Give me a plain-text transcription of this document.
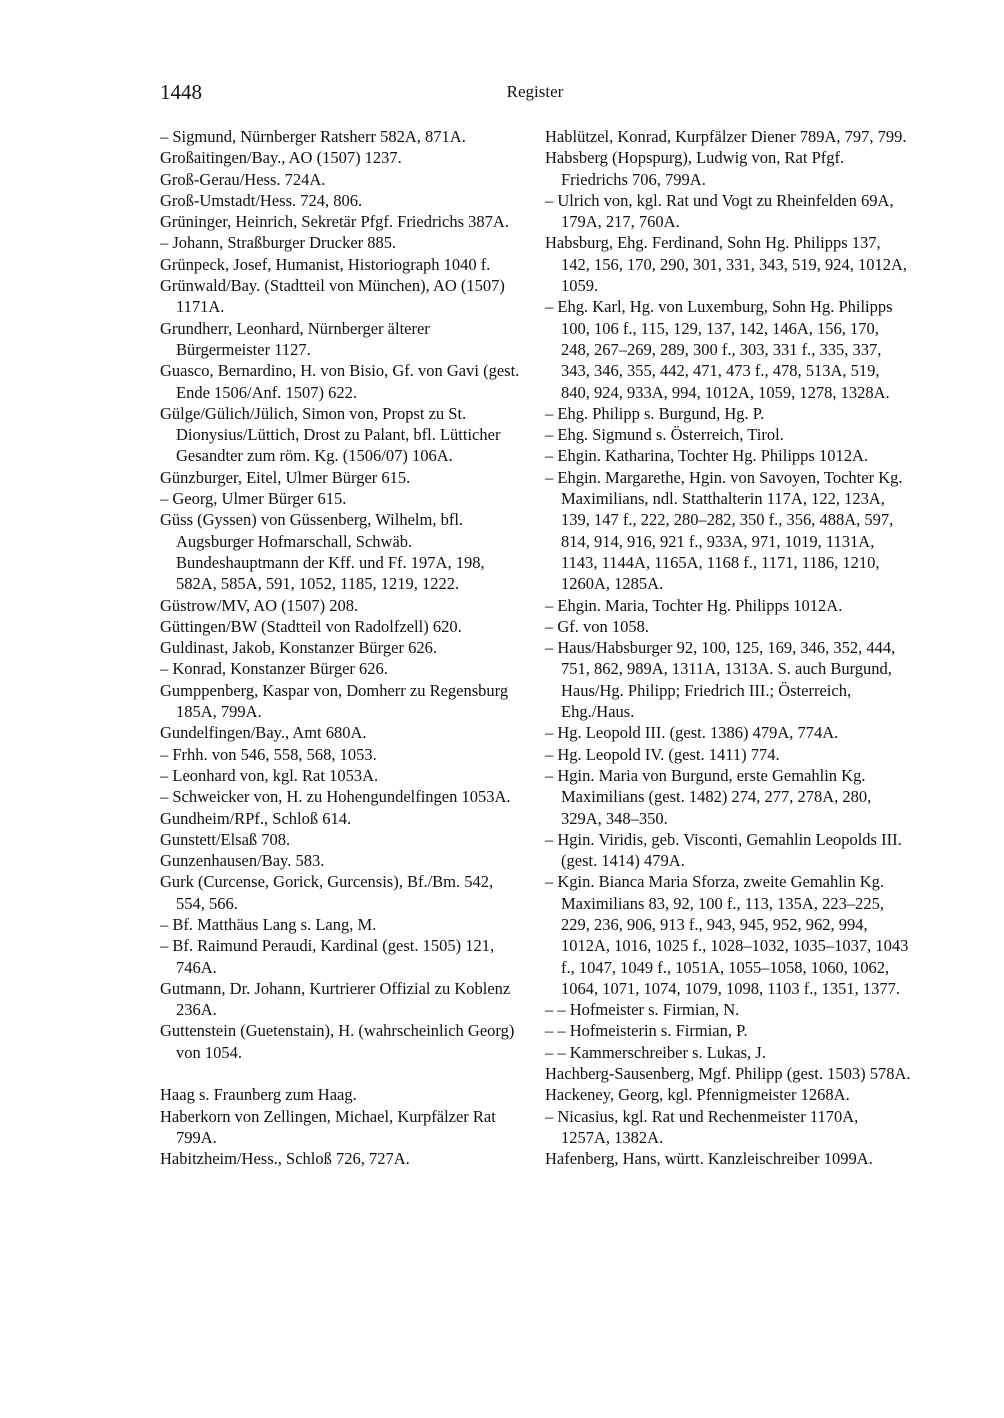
1448	Register
– Sigmund, Nürnberger Ratsherr 582A, 871A.
Großaitingen/Bay., AO (1507) 1237.
Groß-Gerau/Hess. 724A.
Groß-Umstadt/Hess. 724, 806.
Grüninger, Heinrich, Sekretär Pfgf. Friedrichs 387A.
– Johann, Straßburger Drucker 885.
Grünpeck, Josef, Humanist, Historiograph 1040 f.
Grünwald/Bay. (Stadtteil von München), AO (1507) 1171A.
Grundherr, Leonhard, Nürnberger älterer Bürgermeister 1127.
Guasco, Bernardino, H. von Bisio, Gf. von Gavi (gest. Ende 1506/Anf. 1507) 622.
Gülge/Gülich/Jülich, Simon von, Propst zu St. Dionysius/Lüttich, Drost zu Palant, bfl. Lütticher Gesandter zum röm. Kg. (1506/07) 106A.
Günzburger, Eitel, Ulmer Bürger 615.
– Georg, Ulmer Bürger 615.
Güss (Gyssen) von Güssenberg, Wilhelm, bfl. Augsburger Hofmarschall, Schwäb. Bundeshauptmann der Kff. und Ff. 197A, 198, 582A, 585A, 591, 1052, 1185, 1219, 1222.
Güstrow/MV, AO (1507) 208.
Güttingen/BW (Stadtteil von Radolfzell) 620.
Guldinast, Jakob, Konstanzer Bürger 626.
– Konrad, Konstanzer Bürger 626.
Gumppenberg, Kaspar von, Domherr zu Regensburg 185A, 799A.
Gundelfingen/Bay., Amt 680A.
– Frhh. von 546, 558, 568, 1053.
– Leonhard von, kgl. Rat 1053A.
– Schweicker von, H. zu Hohengundelfingen 1053A.
Gundheim/RPf., Schloß 614.
Gunstett/Elsaß 708.
Gunzenhausen/Bay. 583.
Gurk (Curcense, Gorick, Gurcensis), Bf./Bm. 542, 554, 566.
– Bf. Matthäus Lang s. Lang, M.
– Bf. Raimund Peraudi, Kardinal (gest. 1505) 121, 746A.
Gutmann, Dr. Johann, Kurtrierer Offizial zu Koblenz 236A.
Guttenstein (Guetenstain), H. (wahrscheinlich Georg) von 1054.
Haag s. Fraunberg zum Haag.
Haberkorn von Zellingen, Michael, Kurpfälzer Rat 799A.
Habitzheim/Hess., Schloß 726, 727A.
Hablützel, Konrad, Kurpfälzer Diener 789A, 797, 799.
Habsberg (Hopspurg), Ludwig von, Rat Pfgf. Friedrichs 706, 799A.
– Ulrich von, kgl. Rat und Vogt zu Rheinfelden 69A, 179A, 217, 760A.
Habsburg, Ehg. Ferdinand, Sohn Hg. Philipps 137, 142, 156, 170, 290, 301, 331, 343, 519, 924, 1012A, 1059.
– Ehg. Karl, Hg. von Luxemburg, Sohn Hg. Philipps 100, 106 f., 115, 129, 137, 142, 146A, 156, 170, 248, 267–269, 289, 300 f., 303, 331 f., 335, 337, 343, 346, 355, 442, 471, 473 f., 478, 513A, 519, 840, 924, 933A, 994, 1012A, 1059, 1278, 1328A.
– Ehg. Philipp s. Burgund, Hg. P.
– Ehg. Sigmund s. Österreich, Tirol.
– Ehgin. Katharina, Tochter Hg. Philipps 1012A.
– Ehgin. Margarethe, Hgin. von Savoyen, Tochter Kg. Maximilians, ndl. Statthalterin 117A, 122, 123A, 139, 147 f., 222, 280–282, 350 f., 356, 488A, 597, 814, 914, 916, 921 f., 933A, 971, 1019, 1131A, 1143, 1144A, 1165A, 1168 f., 1171, 1186, 1210, 1260A, 1285A.
– Ehgin. Maria, Tochter Hg. Philipps 1012A.
– Gf. von 1058.
– Haus/Habsburger 92, 100, 125, 169, 346, 352, 444, 751, 862, 989A, 1311A, 1313A. S. auch Burgund, Haus/Hg. Philipp; Friedrich III.; Österreich, Ehg./Haus.
– Hg. Leopold III. (gest. 1386) 479A, 774A.
– Hg. Leopold IV. (gest. 1411) 774.
– Hgin. Maria von Burgund, erste Gemahlin Kg. Maximilians (gest. 1482) 274, 277, 278A, 280, 329A, 348–350.
– Hgin. Viridis, geb. Visconti, Gemahlin Leopolds III. (gest. 1414) 479A.
– Kgin. Bianca Maria Sforza, zweite Gemahlin Kg. Maximilians 83, 92, 100 f., 113, 135A, 223–225, 229, 236, 906, 913 f., 943, 945, 952, 962, 994, 1012A, 1016, 1025 f., 1028–1032, 1035–1037, 1043 f., 1047, 1049 f., 1051A, 1055–1058, 1060, 1062, 1064, 1071, 1074, 1079, 1098, 1103 f., 1351, 1377.
– – Hofmeister s. Firmian, N.
– – Hofmeisterin s. Firmian, P.
– – Kammerschreiber s. Lukas, J.
Hachberg-Sausenberg, Mgf. Philipp (gest. 1503) 578A.
Hackeney, Georg, kgl. Pfennigmeister 1268A.
– Nicasius, kgl. Rat und Rechenmeister 1170A, 1257A, 1382A.
Hafenberg, Hans, württ. Kanzleischreiber 1099A.
